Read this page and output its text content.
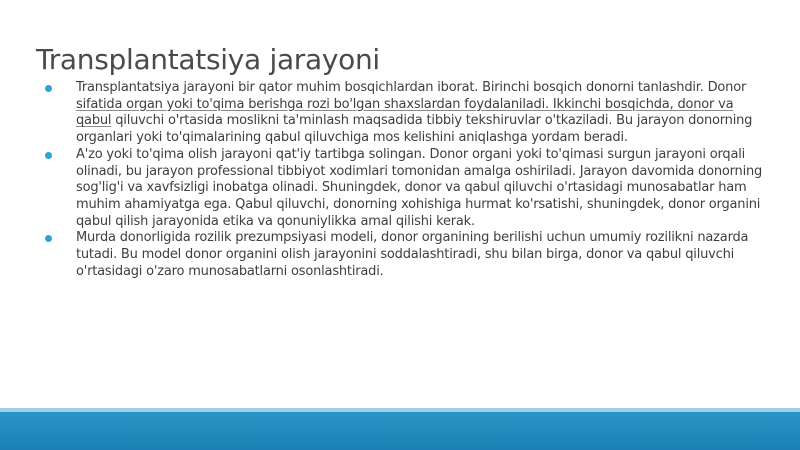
Transplantatsiya jarayoni
Transplantatsiya jarayoni bir qator muhim bosqichlardan iborat. Birinchi bosqich donorni tanlashdir. Donor sifatida organ yoki to'qima berishga rozi bo'lgan shaxslardan foydalaniladi. Ikkinchi bosqichda, donor va qabul qiluvchi o'rtasida moslikni ta'minlash maqsadida tibbiy tekshiruvlar o'tkaziladi. Bu jarayon donorning organlari yoki to'qimalarining qabul qiluvchiga mos kelishini aniqlashga yordam beradi.
A'zo yoki to'qima olish jarayoni qat'iy tartibga solingan. Donor organi yoki to'qimasi surgun jarayoni orqali olinadi, bu jarayon professional tibbiyot xodimlari tomonidan amalga oshiriladi. Jarayon davomida donorning sog'lig'i va xavfsizligi inobatga olinadi. Shuningdek, donor va qabul qiluvchi o'rtasidagi munosabatlar ham muhim ahamiyatga ega. Qabul qiluvchi, donorning xohishiga hurmat ko'rsatishi, shuningdek, donor organini qabul qilish jarayonida etika va qonuniylikka amal qilishi kerak.
Murda donorligida rozilik prezumpsiyasi modeli, donor organining berilishi uchun umumiy rozilikni nazarda tutadi. Bu model donor organini olish jarayonini soddalashtiradi, shu bilan birga, donor va qabul qiluvchi o'rtasidagi o'zaro munosabatlarni osonlashtiradi.
